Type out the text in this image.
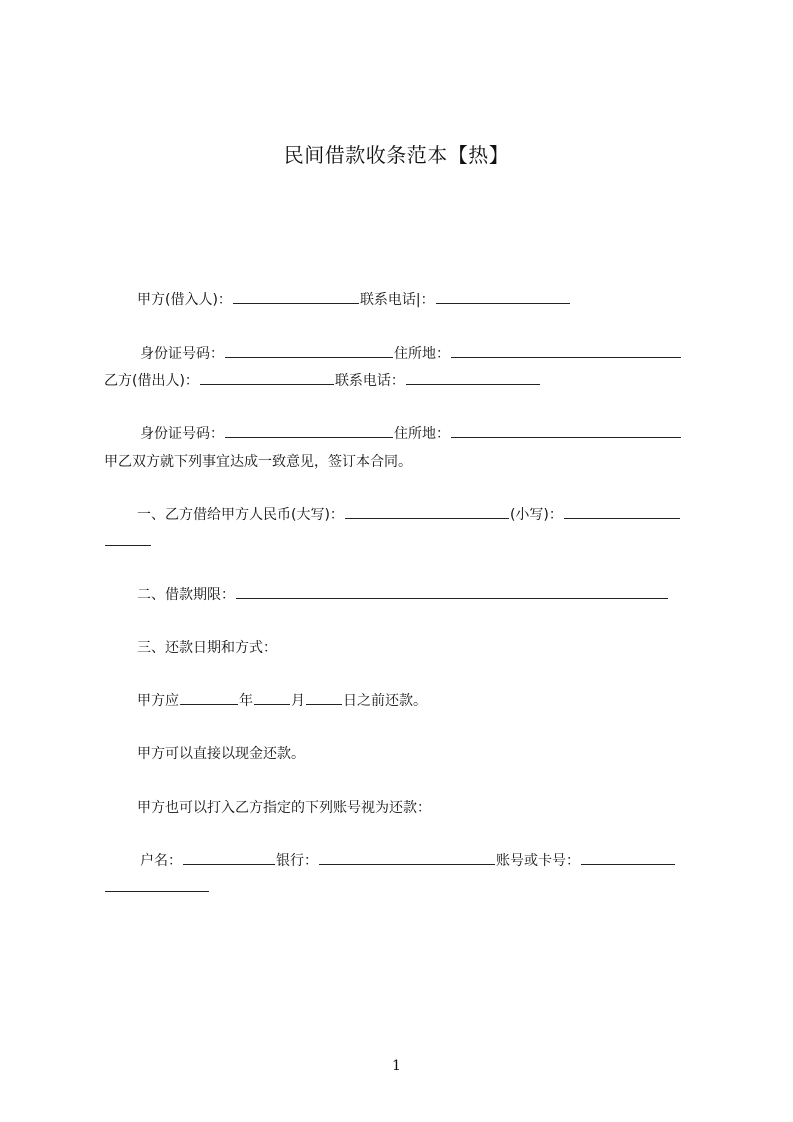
民间借款收条范本【热】
甲方(借入人)：	联系电话|：
身份证号码：	住所地：
乙方(借出人)：	联系电话：
身份证号码：	住所地：
甲乙双方就下列事宜达成一致意见，签订本合同。
一、乙方借给甲方人民币(大写)：	(小写)：
二、借款期限：
三、还款日期和方式：
甲方应	年	月	日之前还款。
甲方可以直接以现金还款。
甲方也可以打入乙方指定的下列账号视为还款：
户名：	银行：	账号或卡号：
1
